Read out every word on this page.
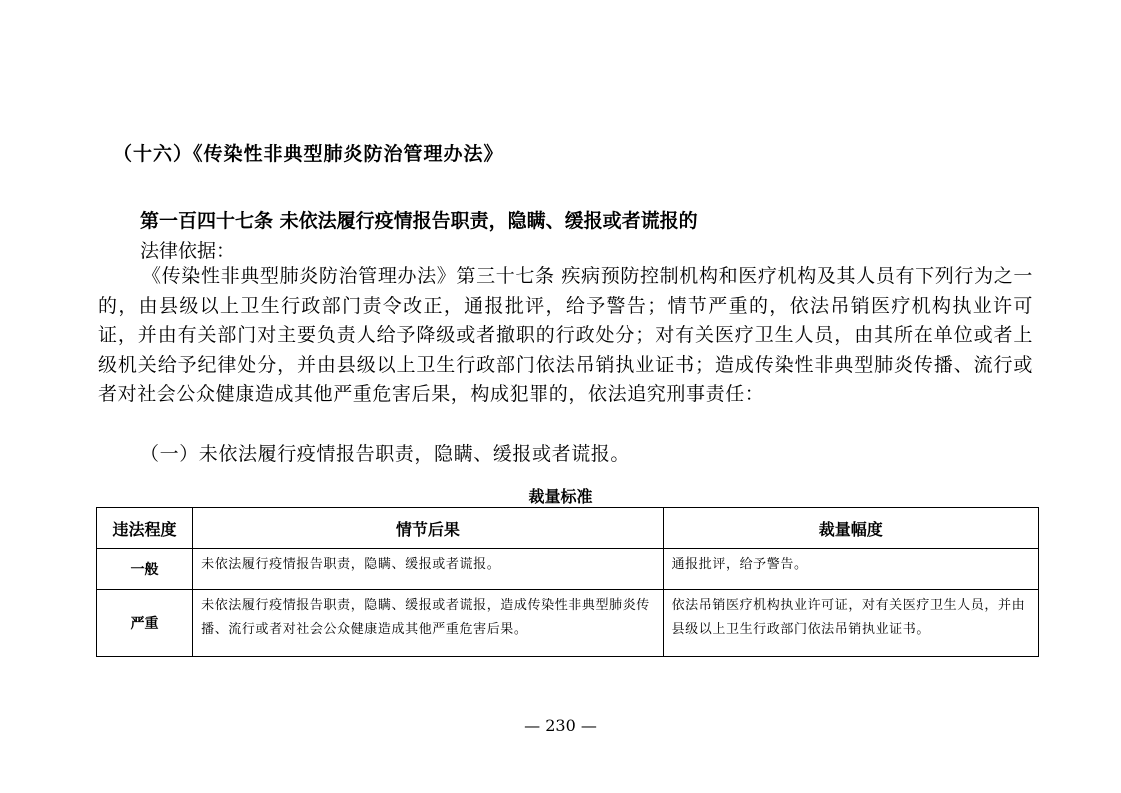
（十六）《传染性非典型肺炎防治管理办法》
第一百四十七条 未依法履行疫情报告职责，隐瞒、缓报或者谎报的
法律依据：
《传染性非典型肺炎防治管理办法》第三十七条 疾病预防控制机构和医疗机构及其人员有下列行为之一的，由县级以上卫生行政部门责令改正，通报批评，给予警告；情节严重的，依法吊销医疗机构执业许可证，并由有关部门对主要负责人给予降级或者撤职的行政处分；对有关医疗卫生人员，由其所在单位或者上级机关给予纪律处分，并由县级以上卫生行政部门依法吊销执业证书；造成传染性非典型肺炎传播、流行或者对社会公众健康造成其他严重危害后果，构成犯罪的，依法追究刑事责任：
（一）未依法履行疫情报告职责，隐瞒、缓报或者谎报。
裁量标准
违法程度	情节后果	裁量幅度
一般	未依法履行疫情报告职责，隐瞒、缓报或者谎报。	通报批评，给予警告。
严重	未依法履行疫情报告职责，隐瞒、缓报或者谎报，造成传染性非典型肺炎传播、流行或者对社会公众健康造成其他严重危害后果。	依法吊销医疗机构执业许可证，对有关医疗卫生人员，并由县级以上卫生行政部门依法吊销执业证书。
— 230 —
